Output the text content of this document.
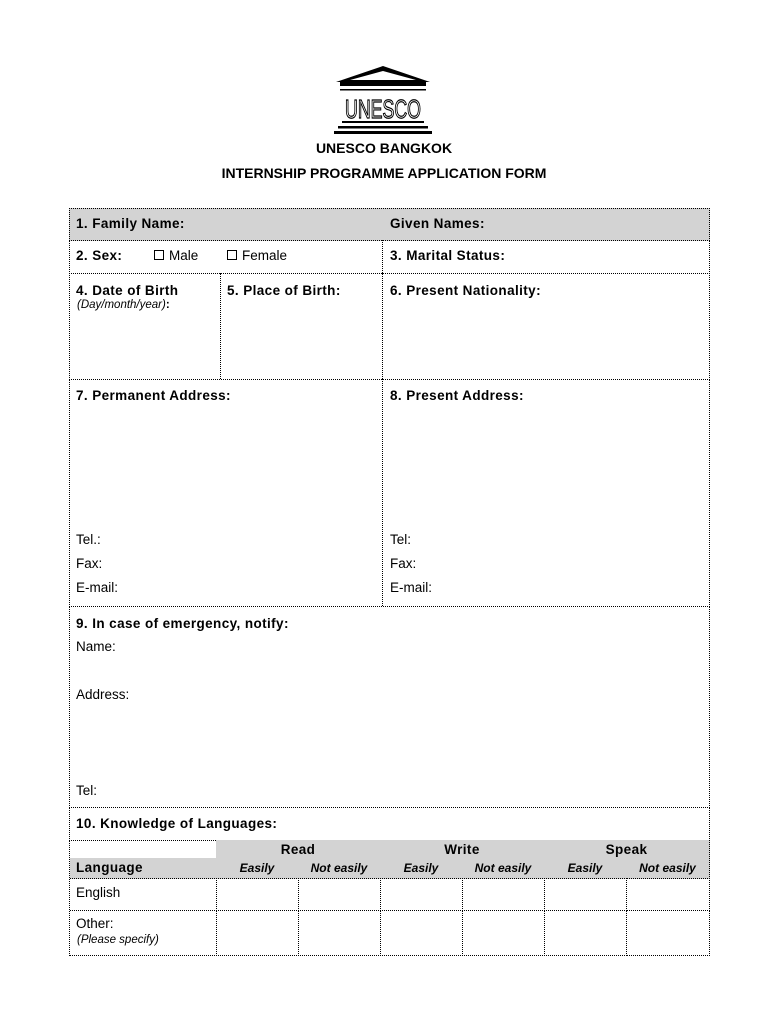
UNESCO
UNESCO BANGKOK
INTERNSHIP PROGRAMME APPLICATION FORM
1. Family Name:	Given Names:
2. Sex:	Male	Female	3. Marital Status:
4. Date of Birth
(Day/month/year):
5. Place of Birth:	6. Present Nationality:
7. Permanent Address:
Tel.:
Fax:
E-mail:
8. Present Address:
Tel:
Fax:
E-mail:
9. In case of emergency, notify:
Name:
Address:
Tel:
10. Knowledge of Languages:
Read	Write	Speak
Language	Easily	Not easily	Easily	Not easily	Easily	Not easily
English
Other:
(Please specify)
